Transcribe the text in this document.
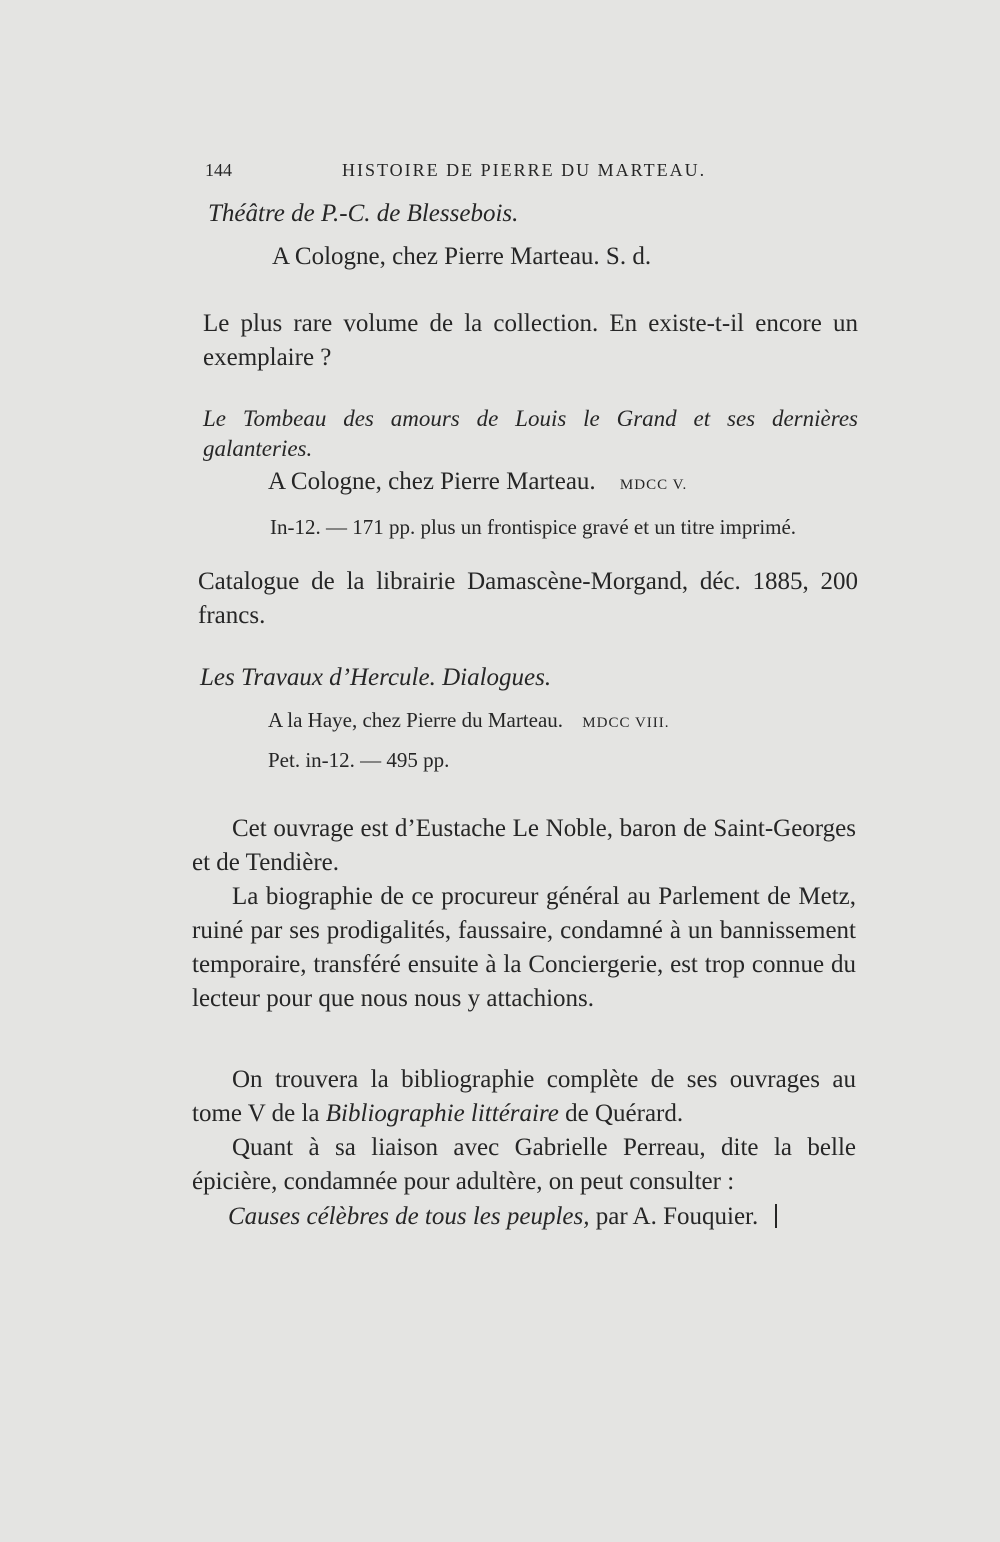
144	HISTOIRE DE PIERRE DU MARTEAU.
Théâtre de P.-C. de Blessebois.
A Cologne, chez Pierre Marteau. S. d.
Le plus rare volume de la collection. En existe-t-il encore un exemplaire ?
Le Tombeau des amours de Louis le Grand et ses dernières galanteries.
A Cologne, chez Pierre Marteau. MDCC V.
In-12. — 171 pp. plus un frontispice gravé et un titre imprimé.
Catalogue de la librairie Damascène-Morgand, déc. 1885, 200 francs.
Les Travaux d’Hercule. Dialogues.
A la Haye, chez Pierre du Marteau. MDCC VIII.
Pet. in-12. — 495 pp.
Cet ouvrage est d’Eustache Le Noble, baron de Saint-Georges et de Tendière.
La biographie de ce procureur général au Parlement de Metz, ruiné par ses prodigalités, faussaire, condamné à un bannissement temporaire, transféré ensuite à la Conciergerie, est trop connue du lecteur pour que nous nous y attachions.
On trouvera la bibliographie complète de ses ouvrages au tome V de la Bibliographie littéraire de Quérard.
Quant à sa liaison avec Gabrielle Perreau, dite la belle épicière, condamnée pour adultère, on peut consulter :
Causes célèbres de tous les peuples, par A. Fouquier.
